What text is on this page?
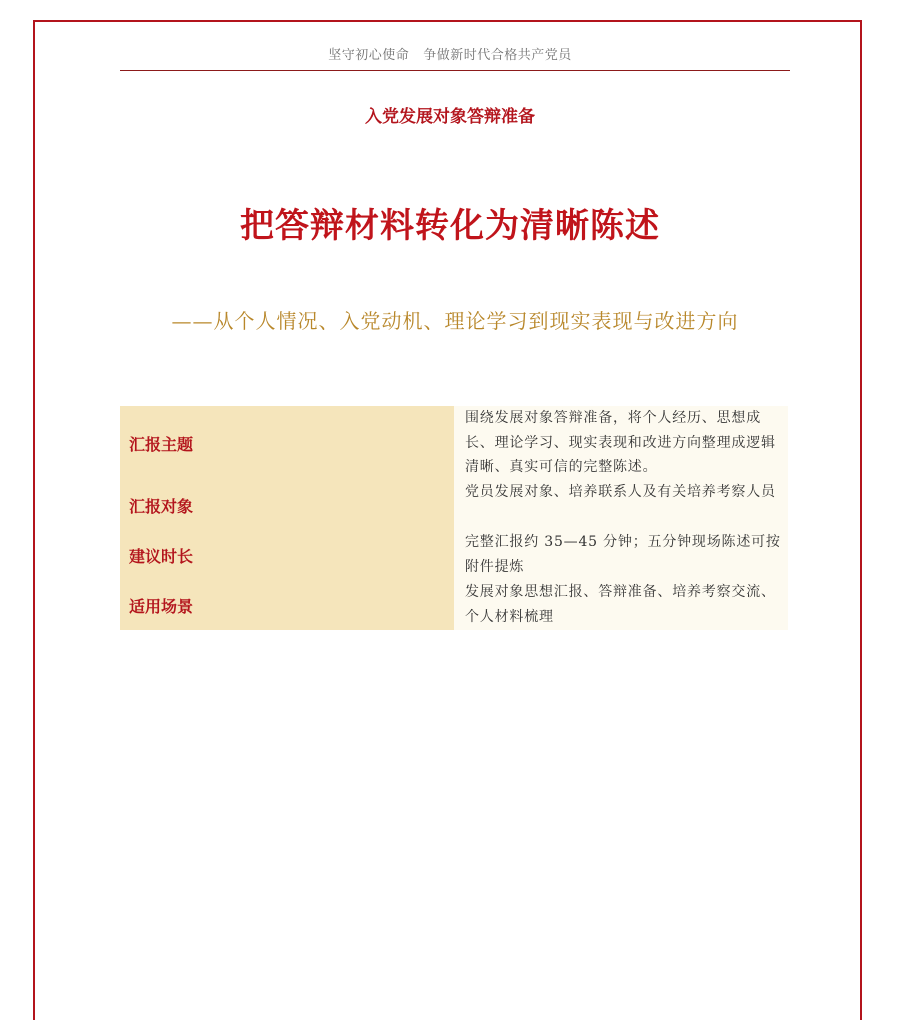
坚守初心使命   争做新时代合格共产党员
入党发展对象答辩准备
把答辩材料转化为清晰陈述
——从个人情况、入党动机、理论学习到现实表现与改进方向
汇报主题
围绕发展对象答辩准备，将个人经历、思想成长、理论学习、现实表现和改进方向整理成逻辑清晰、真实可信的完整陈述。
汇报对象
党员发展对象、培养联系人及有关培养考察人员
建议时长
完整汇报约 35—45 分钟；五分钟现场陈述可按附件提炼
适用场景
发展对象思想汇报、答辩准备、培养考察交流、个人材料梳理
